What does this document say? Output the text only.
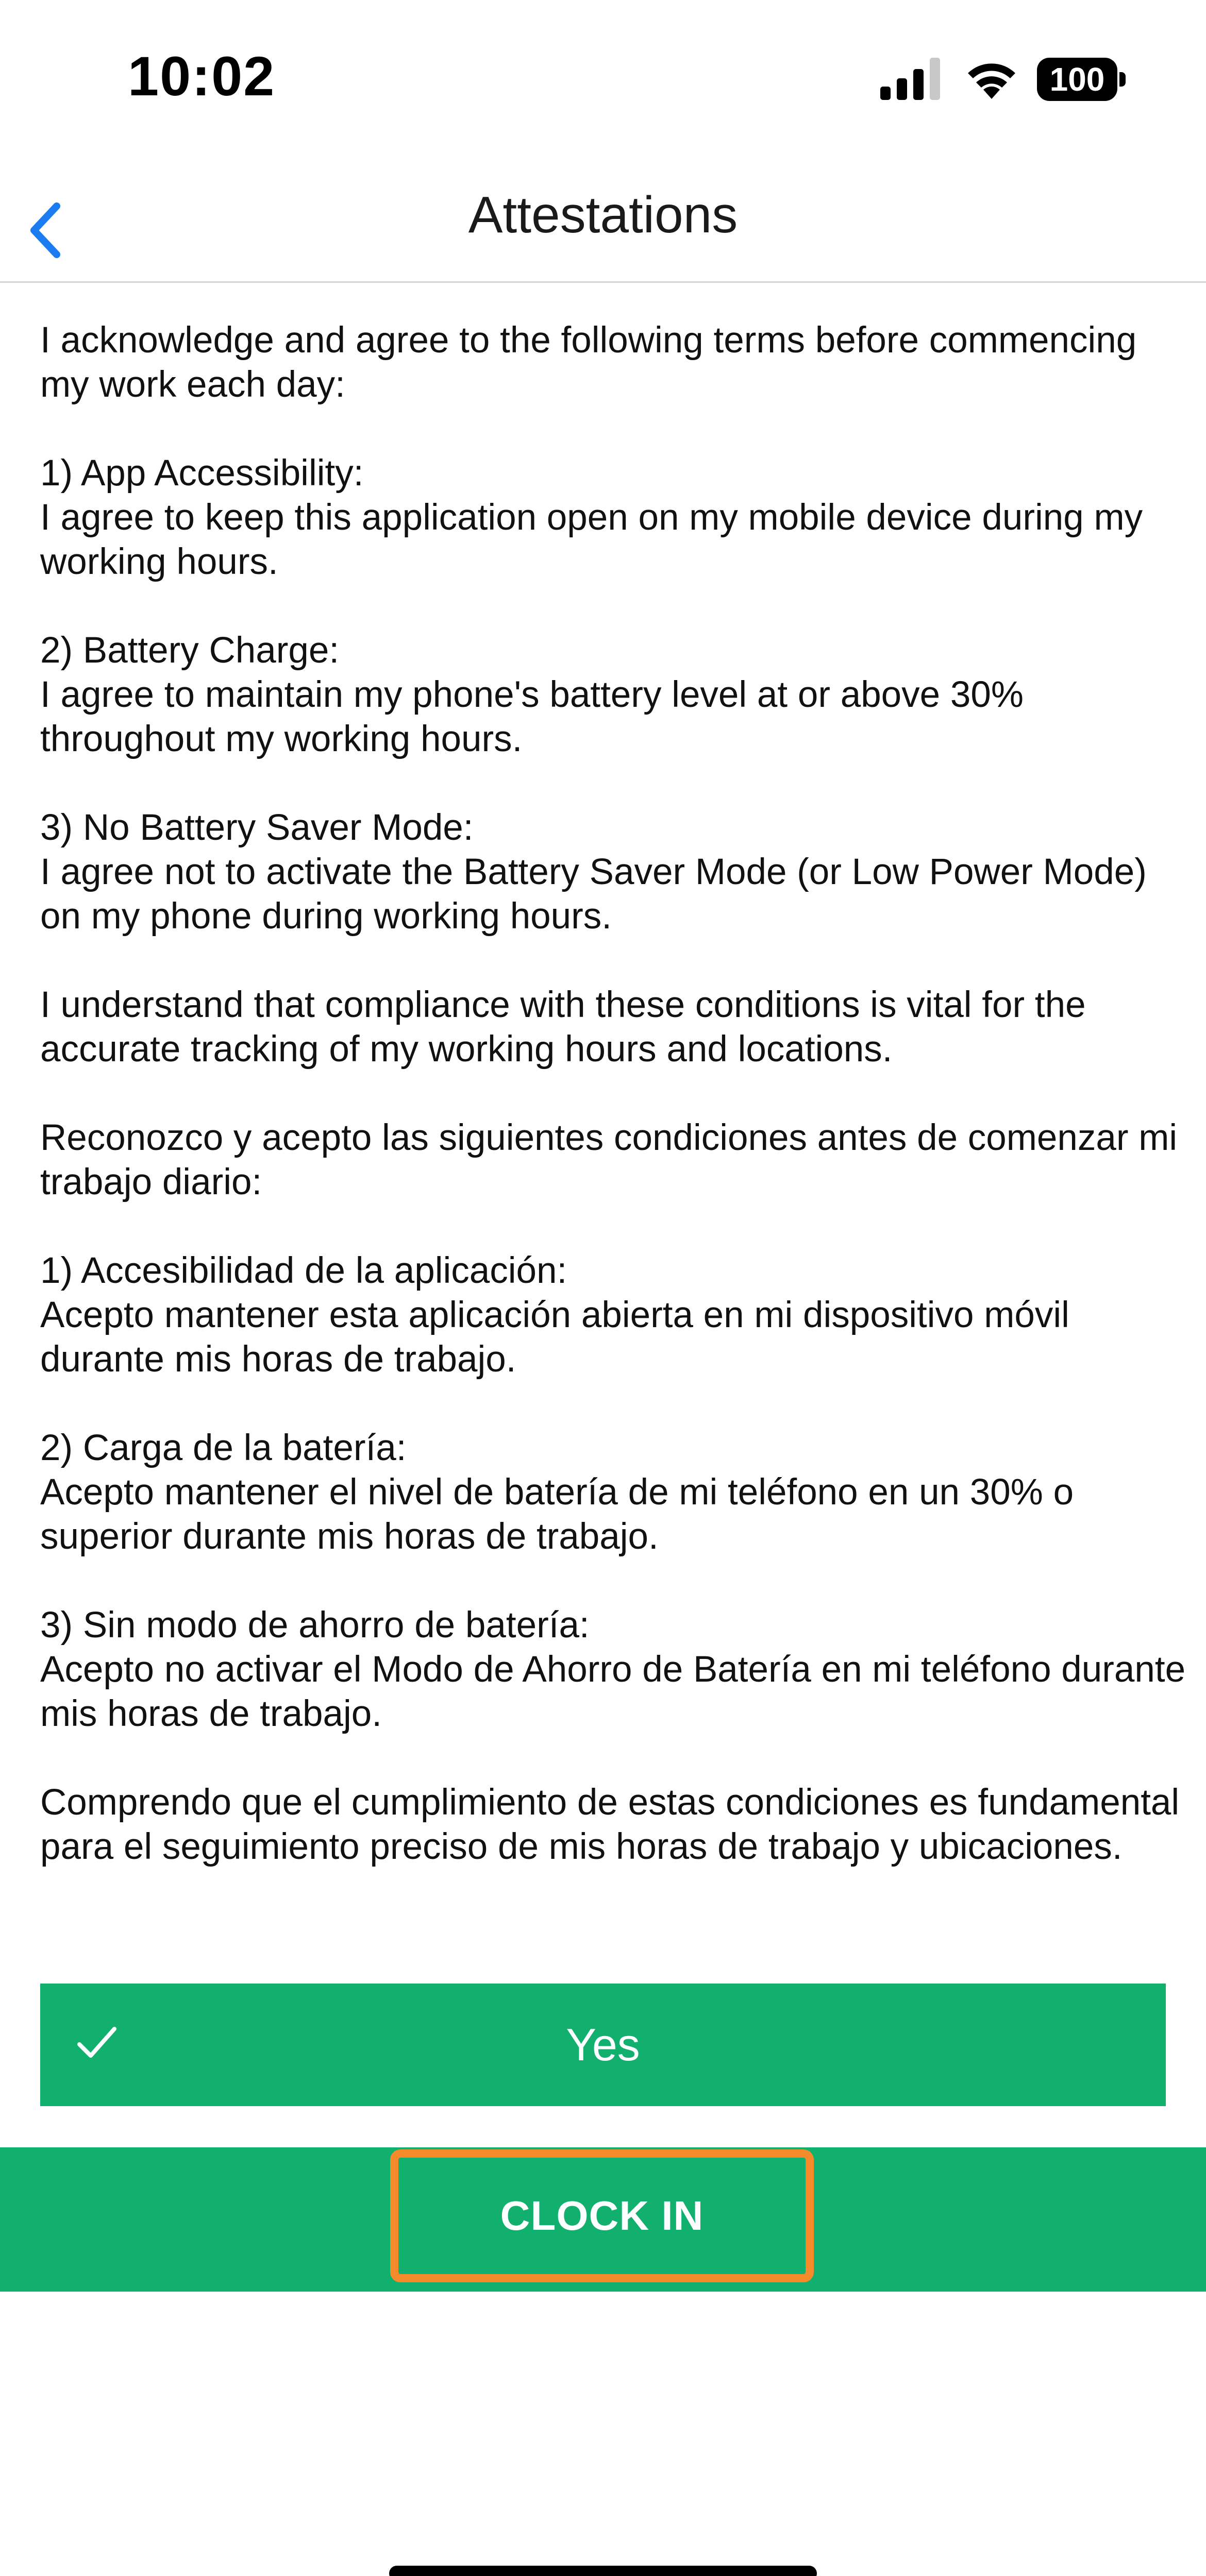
10:02	100
Attestations

I acknowledge and agree to the following terms before commencing my work each day:

1) App Accessibility:
I agree to keep this application open on my mobile device during my working hours.

2) Battery Charge:
I agree to maintain my phone's battery level at or above 30% throughout my working hours.

3) No Battery Saver Mode:
I agree not to activate the Battery Saver Mode (or Low Power Mode) on my phone during working hours.

I understand that compliance with these conditions is vital for the accurate tracking of my working hours and locations.

Reconozco y acepto las siguientes condiciones antes de comenzar mi trabajo diario:

1) Accesibilidad de la aplicación:
Acepto mantener esta aplicación abierta en mi dispositivo móvil durante mis horas de trabajo.

2) Carga de la batería:
Acepto mantener el nivel de batería de mi teléfono en un 30% o superior durante mis horas de trabajo.

3) Sin modo de ahorro de batería:
Acepto no activar el Modo de Ahorro de Batería en mi teléfono durante mis horas de trabajo.

Comprendo que el cumplimiento de estas condiciones es fundamental para el seguimiento preciso de mis horas de trabajo y ubicaciones.

Yes
CLOCK IN
